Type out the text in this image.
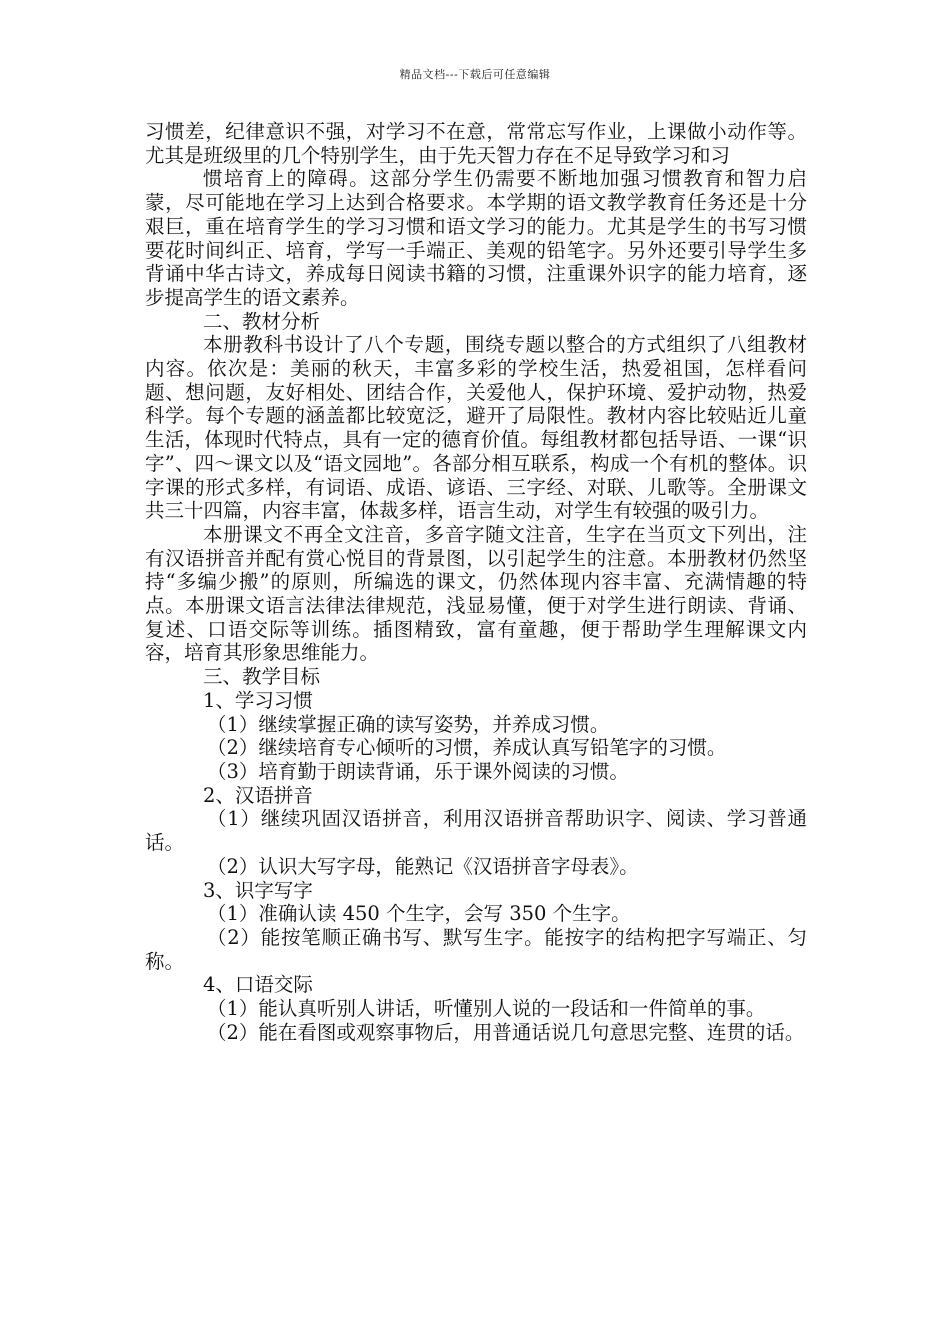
精品文档---下载后可任意编辑

习惯差，纪律意识不强，对学习不在意，常常忘写作业，上课做小动作等。尤其是班级里的几个特别学生，由于先天智力存在不足导致学习和习

惯培育上的障碍。这部分学生仍需要不断地加强习惯教育和智力启蒙，尽可能地在学习上达到合格要求。本学期的语文教学教育任务还是十分艰巨，重在培育学生的学习习惯和语文学习的能力。尤其是学生的书写习惯要花时间纠正、培育，学写一手端正、美观的铅笔字。另外还要引导学生多背诵中华古诗文，养成每日阅读书籍的习惯，注重课外识字的能力培育，逐步提高学生的语文素养。

二、教材分析

本册教科书设计了八个专题，围绕专题以整合的方式组织了八组教材内容。依次是：美丽的秋天，丰富多彩的学校生活，热爱祖国，怎样看问题、想问题，友好相处、团结合作，关爱他人，保护环境、爱护动物，热爱科学。每个专题的涵盖都比较宽泛，避开了局限性。教材内容比较贴近儿童生活，体现时代特点，具有一定的德育价值。每组教材都包括导语、一课“识字”、四～课文以及“语文园地”。各部分相互联系，构成一个有机的整体。识字课的形式多样，有词语、成语、谚语、三字经、对联、儿歌等。全册课文共三十四篇，内容丰富，体裁多样，语言生动，对学生有较强的吸引力。

本册课文不再全文注音，多音字随文注音，生字在当页文下列出，注有汉语拼音并配有赏心悦目的背景图，以引起学生的注意。本册教材仍然坚持“多编少搬”的原则，所编选的课文，仍然体现内容丰富、充满情趣的特点。本册课文语言法律法律规范，浅显易懂，便于对学生进行朗读、背诵、复述、口语交际等训练。插图精致，富有童趣，便于帮助学生理解课文内容，培育其形象思维能力。

三、教学目标

1、学习习惯

（1）继续掌握正确的读写姿势，并养成习惯。

（2）继续培育专心倾听的习惯，养成认真写铅笔字的习惯。

（3）培育勤于朗读背诵，乐于课外阅读的习惯。

2、汉语拼音

（1）继续巩固汉语拼音，利用汉语拼音帮助识字、阅读、学习普通话。

（2）认识大写字母，能熟记《汉语拼音字母表》。

3、识字写字

（1）准确认读 450 个生字，会写 350 个生字。

（2）能按笔顺正确书写、默写生字。能按字的结构把字写端正、匀称。

4、口语交际

（1）能认真听别人讲话，听懂别人说的一段话和一件简单的事。

（2）能在看图或观察事物后，用普通话说几句意思完整、连贯的话。
